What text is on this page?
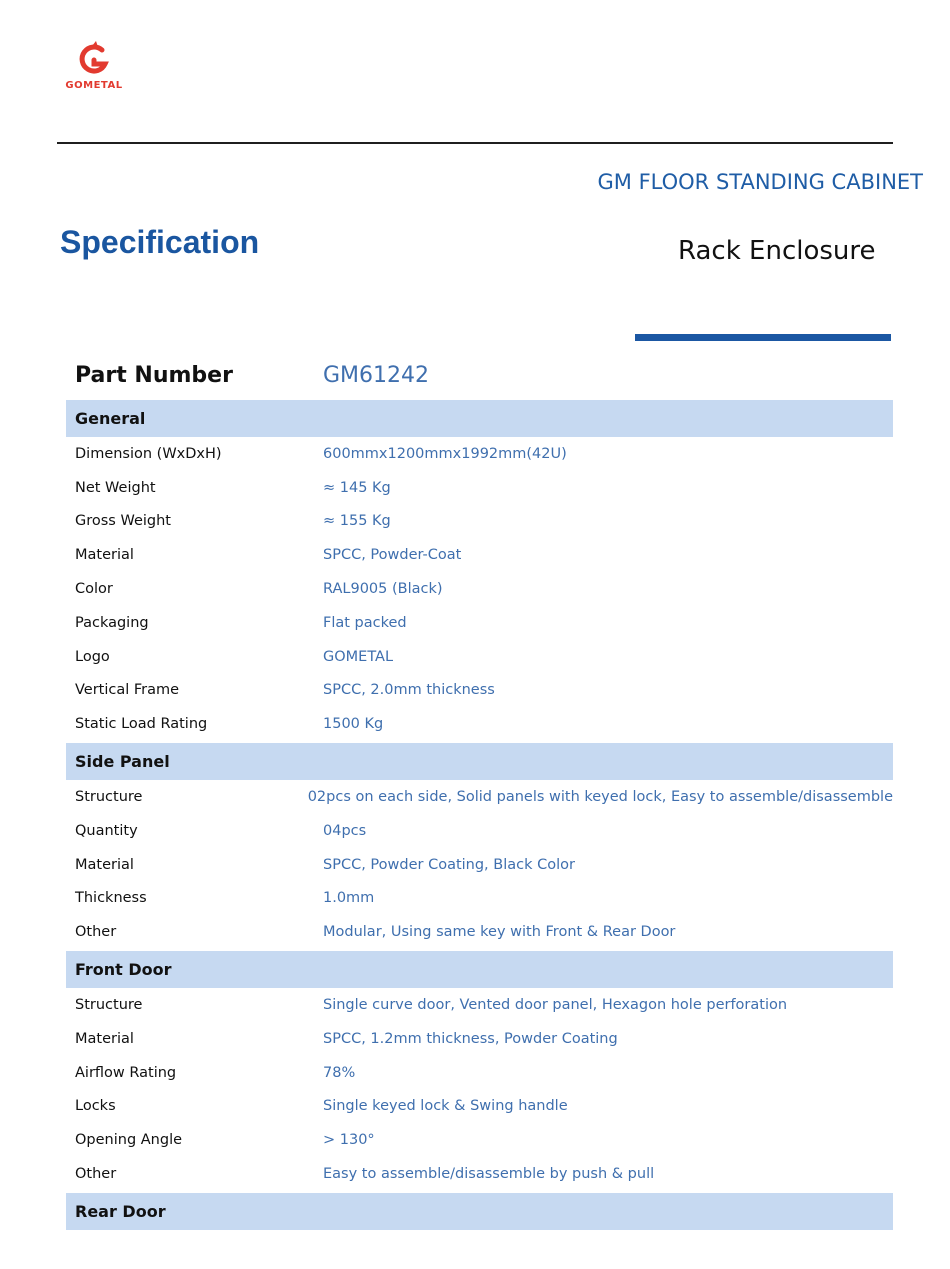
GOMETAL
GM FLOOR STANDING CABINET
Specification	Rack Enclosure
Part Number	GM61242
General
Dimension (WxDxH)	600mmx1200mmx1992mm(42U)
Net Weight	≈ 145 Kg
Gross Weight	≈ 155 Kg
Material	SPCC, Powder-Coat
Color	RAL9005 (Black)
Packaging	Flat packed
Logo	GOMETAL
Vertical Frame	SPCC, 2.0mm thickness
Static Load Rating	1500 Kg
Side Panel
Structure	02pcs on each side, Solid panels with keyed lock, Easy to assemble/disassemble
Quantity	04pcs
Material	SPCC, Powder Coating, Black Color
Thickness	1.0mm
Other	Modular, Using same key with Front & Rear Door
Front Door
Structure	Single curve door, Vented door panel, Hexagon hole perforation
Material	SPCC, 1.2mm thickness, Powder Coating
Airflow Rating	78%
Locks	Single keyed lock & Swing handle
Opening Angle	> 130°
Other	Easy to assemble/disassemble by push & pull
Rear Door
